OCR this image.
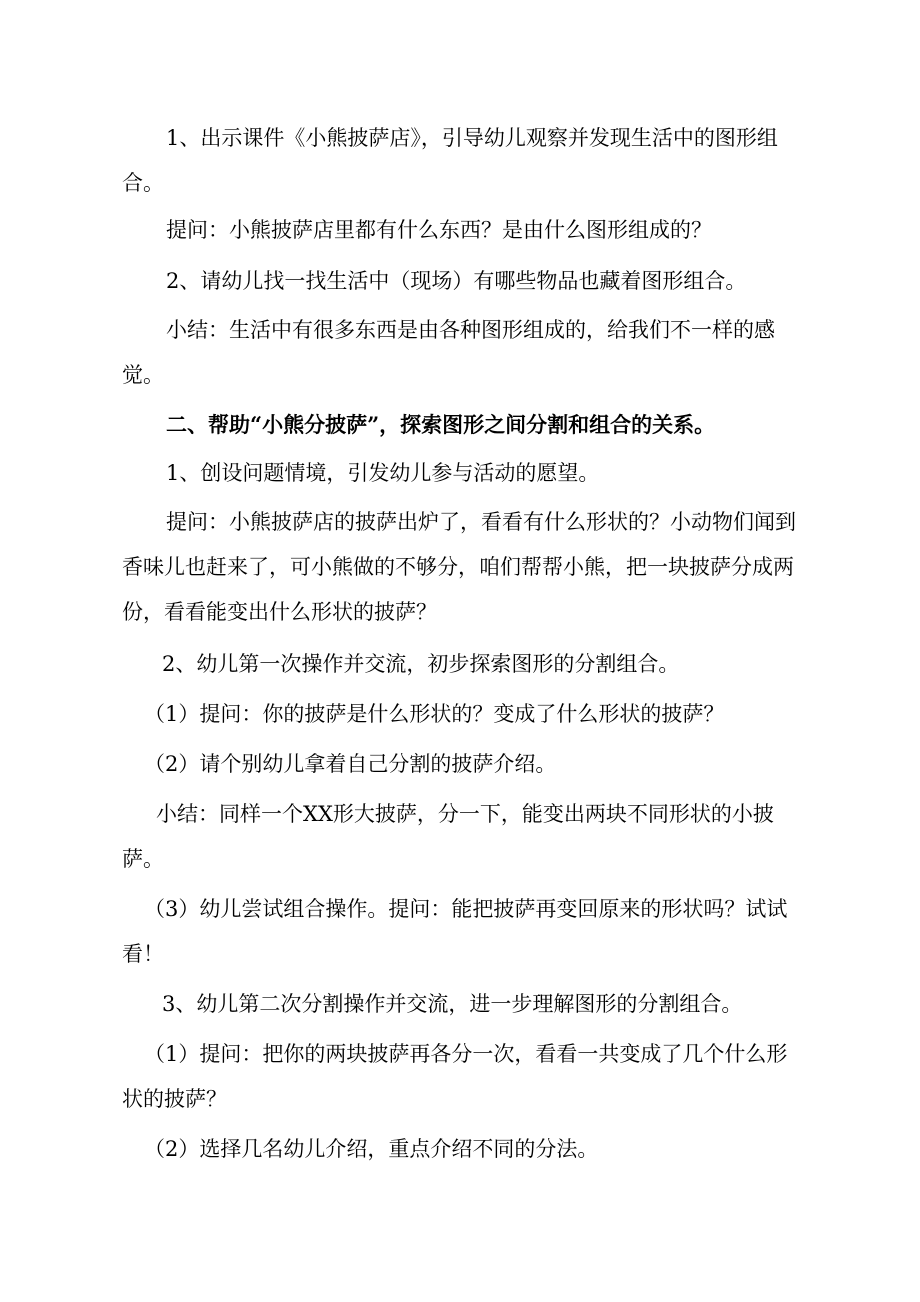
1、出示课件《小熊披萨店》，引导幼儿观察并发现生活中的图形组合。

提问：小熊披萨店里都有什么东西？是由什么图形组成的？

2、请幼儿找一找生活中（现场）有哪些物品也藏着图形组合。

小结：生活中有很多东西是由各种图形组成的，给我们不一样的感觉。

二、帮助“小熊分披萨”，探索图形之间分割和组合的关系。

1、创设问题情境，引发幼儿参与活动的愿望。

提问：小熊披萨店的披萨出炉了，看看有什么形状的？小动物们闻到香味儿也赶来了，可小熊做的不够分，咱们帮帮小熊，把一块披萨分成两份，看看能变出什么形状的披萨？

2、幼儿第一次操作并交流，初步探索图形的分割组合。

（1）提问：你的披萨是什么形状的？变成了什么形状的披萨？

（2）请个别幼儿拿着自己分割的披萨介绍。

小结：同样一个XX形大披萨，分一下，能变出两块不同形状的小披萨。

（3）幼儿尝试组合操作。提问：能把披萨再变回原来的形状吗？试试看！

3、幼儿第二次分割操作并交流，进一步理解图形的分割组合。

（1）提问：把你的两块披萨再各分一次，看看一共变成了几个什么形状的披萨？

（2）选择几名幼儿介绍，重点介绍不同的分法。
